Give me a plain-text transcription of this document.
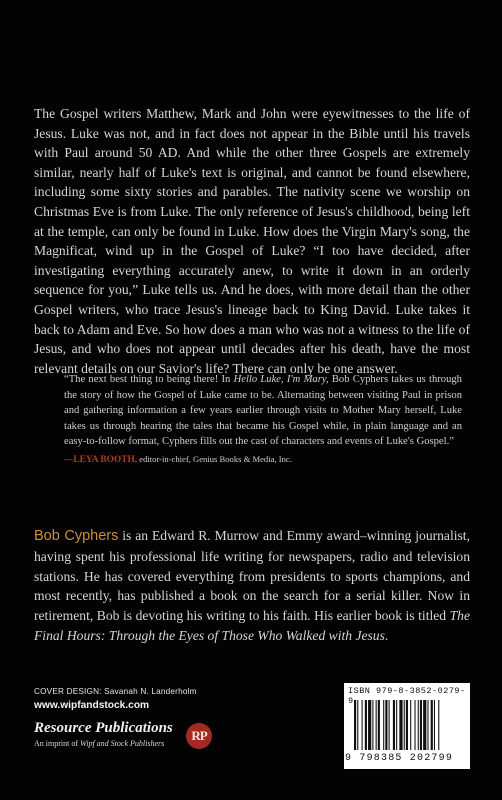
The Gospel writers Matthew, Mark and John were eyewitnesses to the life of Jesus. Luke was not, and in fact does not appear in the Bible until his travels with Paul around 50 AD. And while the other three Gospels are extremely similar, nearly half of Luke's text is original, and cannot be found elsewhere, including some sixty stories and parables. The nativity scene we worship on Christmas Eve is from Luke. The only reference of Jesus's childhood, being left at the temple, can only be found in Luke. How does the Virgin Mary's song, the Magnificat, wind up in the Gospel of Luke? “I too have decided, after investigating everything accurately anew, to write it down in an orderly sequence for you,” Luke tells us. And he does, with more detail than the other Gospel writers, who trace Jesus's lineage back to King David. Luke takes it back to Adam and Eve. So how does a man who was not a witness to the life of Jesus, and who does not appear until decades after his death, have the most relevant details on our Savior's life? There can only be one answer.

“The next best thing to being there! In Hello Luke, I'm Mary, Bob Cyphers takes us through the story of how the Gospel of Luke came to be. Alternating between visiting Paul in prison and gathering information a few years earlier through visits to Mother Mary herself, Luke takes us through hearing the tales that became his Gospel while, in plain language and an easy-to-follow format, Cyphers fills out the cast of characters and events of Luke's Gospel.”

—LEYA BOOTH, editor-in-chief, Genius Books & Media, Inc.

Bob Cyphers is an Edward R. Murrow and Emmy award–winning journalist, having spent his professional life writing for newspapers, radio and television stations. He has covered everything from presidents to sports champions, and most recently, has published a book on the search for a serial killer. Now in retirement, Bob is devoting his writing to his faith. His earlier book is titled The Final Hours: Through the Eyes of Those Who Walked with Jesus.

COVER DESIGN: Savanah N. Landerholm
www.wipfandstock.com
Resource Publications
An imprint of Wipf and Stock Publishers
RP
ISBN 979-8-3852-0279-9
9 798385 202799
